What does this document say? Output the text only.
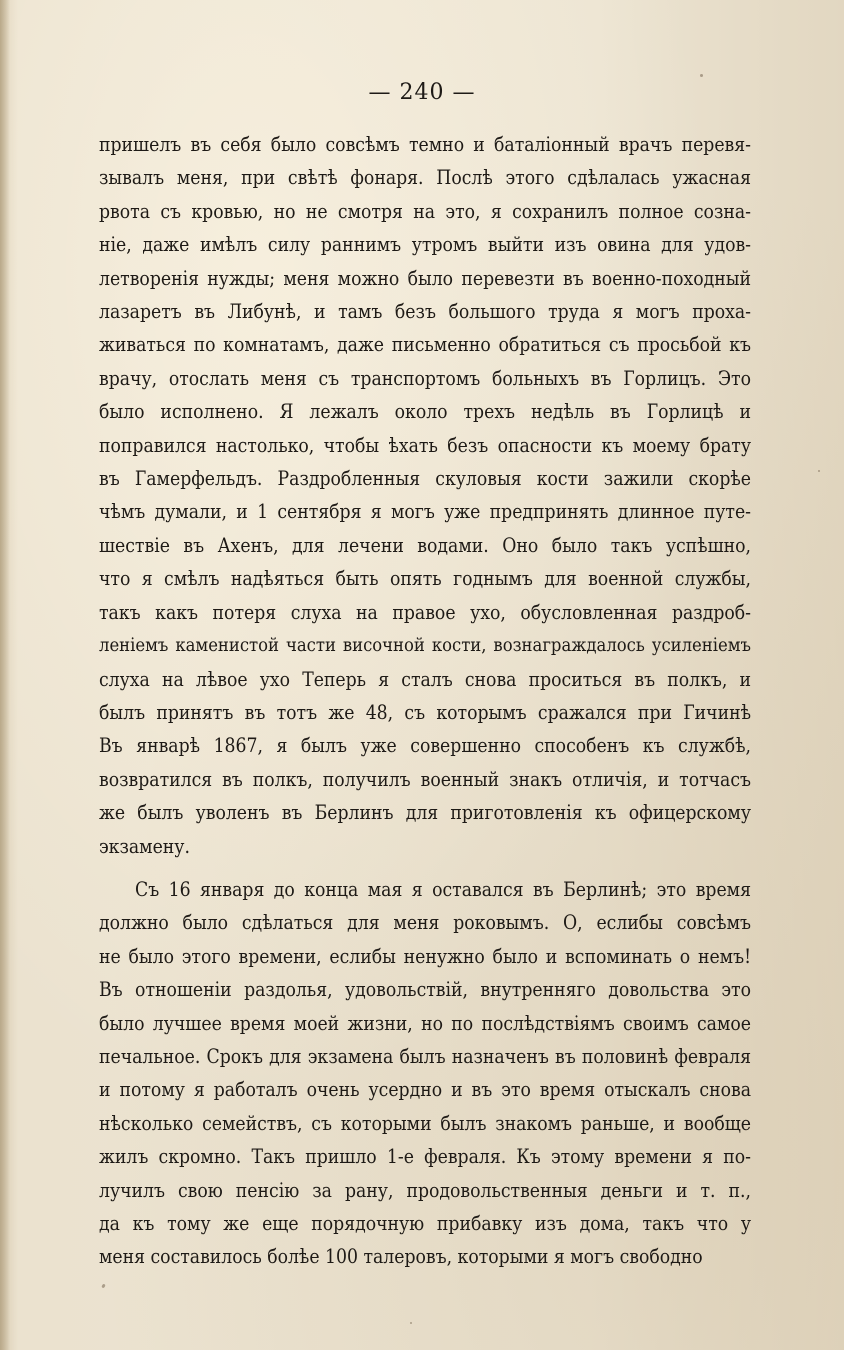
— 240 —
пришелъ въ себя было совсѣмъ темно и баталіонный врачъ перевя-
зывалъ меня, при свѣтѣ фонаря. Послѣ этого сдѣлалась ужасная
рвота съ кровью, но не смотря на это, я сохранилъ полное созна-
ніе, даже имѣлъ силу раннимъ утромъ выйти изъ овина для удов-
летворенія нужды; меня можно было перевезти въ военно-походный
лазаретъ въ Либунѣ, и тамъ безъ большого труда я могъ проха-
живаться по комнатамъ, даже письменно обратиться съ просьбой къ
врачу, отослать меня съ транспортомъ больныхъ въ Горлицъ. Это
было исполнено. Я лежалъ около трехъ недѣль въ Горлицѣ и
поправился настолько, чтобы ѣхать безъ опасности къ моему брату
въ Гамерфельдъ. Раздробленныя скуловыя кости зажили скорѣе
чѣмъ думали, и 1 сентября я могъ уже предпринять длинное путе-
шествіе въ Ахенъ, для лечени водами. Оно было такъ успѣшно,
что я смѣлъ надѣяться быть опять годнымъ для военной службы,
такъ какъ потеря слуха на правое ухо, обусловленная раздроб-
леніемъ каменистой части височной кости, вознаграждалось усиленіемъ
слуха на лѣвое ухо Теперь я сталъ снова проситься въ полкъ, и
былъ принятъ въ тотъ же 48, съ которымъ сражался при Гичинѣ
Въ январѣ 1867, я былъ уже совершенно способенъ къ службѣ,
возвратился въ полкъ, получилъ военный знакъ отличія, и тотчасъ
же былъ уволенъ въ Берлинъ для приготовленія къ офицерскому
экзамену.
Съ 16 января до конца мая я оставался въ Берлинѣ; это время
должно было сдѣлаться для меня роковымъ. О, еслибы совсѣмъ
не было этого времени, еслибы ненужно было и вспоминать о немъ!
Въ отношеніи раздолья, удовольствій, внутренняго довольства это
было лучшее время моей жизни, но по послѣдствіямъ своимъ самое
печальное. Срокъ для экзамена былъ назначенъ въ половинѣ февраля
и потому я работалъ очень усердно и въ это время отыскалъ снова
нѣсколько семействъ, съ которыми былъ знакомъ раньше, и вообще
жилъ скромно. Такъ пришло 1-е февраля. Къ этому времени я по-
лучилъ свою пенсію за рану, продовольственныя деньги и т. п.,
да къ тому же еще порядочную прибавку изъ дома, такъ что у
меня составилось болѣе 100 талеровъ, которыми я могъ свободно
